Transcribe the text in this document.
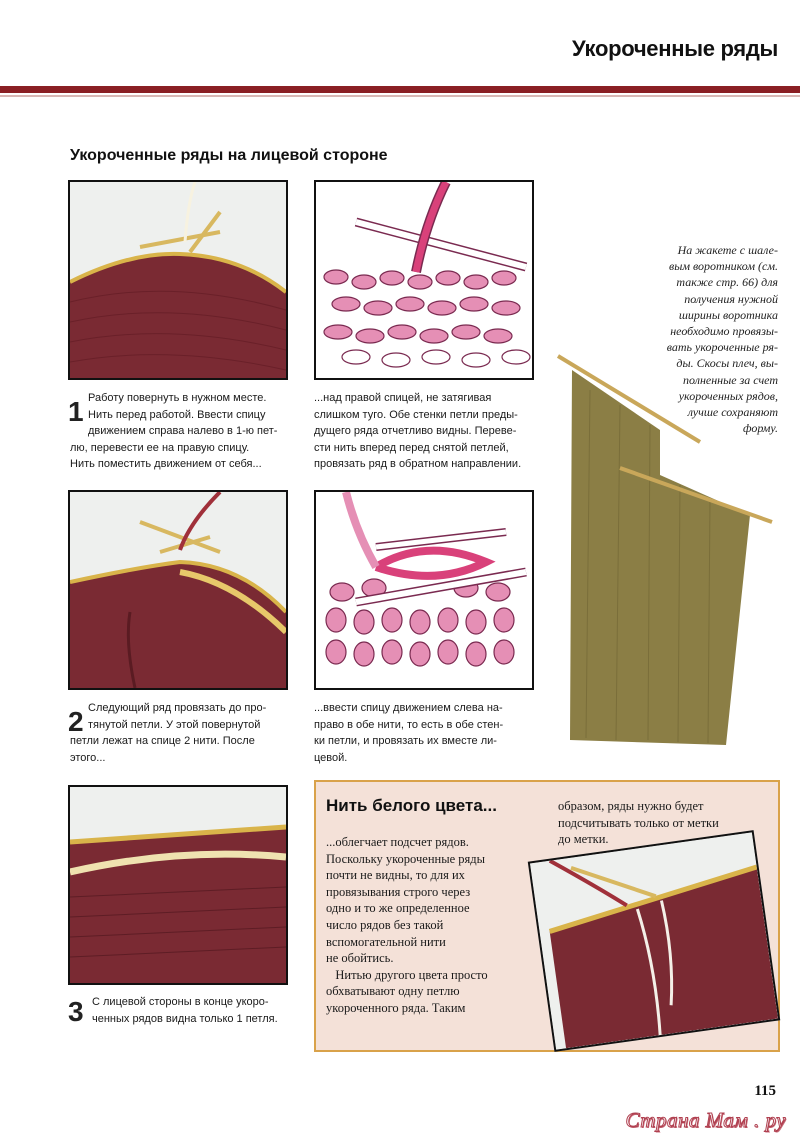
Укороченные ряды
Укороченные ряды на лицевой стороне
1 Работу повернуть в нужном месте.
Нить перед работой. Ввести спицу
движением справа налево в 1-ю пет-
лю, перевести ее на правую спицу.
Нить поместить движением от себя...
...над правой спицей, не затягивая
слишком туго. Обе стенки петли преды-
дущего ряда отчетливо видны. Переве-
сти нить вперед перед снятой петлей,
провязать ряд в обратном направлении.
2 Следующий ряд провязать до про-
тянутой петли. У этой повернутой
петли лежат на спице 2 нити. После
этого...
...ввести спицу движением слева на-
право в обе нити, то есть в обе стен-
ки петли, и провязать их вместе ли-
цевой.
3 С лицевой стороны в конце укоро-
ченных рядов видна только 1 петля.
На жакете с шале-
вым воротником (см.
также стр. 66) для
получения нужной
ширины воротника
необходимо провязы-
вать укороченные ря-
ды. Скосы плеч, вы-
полненные за счет
укороченных рядов,
лучше сохраняют
форму.
Нить белого цвета...
...облегчает подсчет рядов.
Поскольку укороченные ряды
почти не видны, то для их
провязывания строго через
одно и то же определенное
число рядов без такой
вспомогательной нити
не обойтись.
Нитью другого цвета просто
обхватывают одну петлю
укороченного ряда. Таким
образом, ряды нужно будет
подсчитывать только от метки
до метки.
115
Страна Мам . ру
